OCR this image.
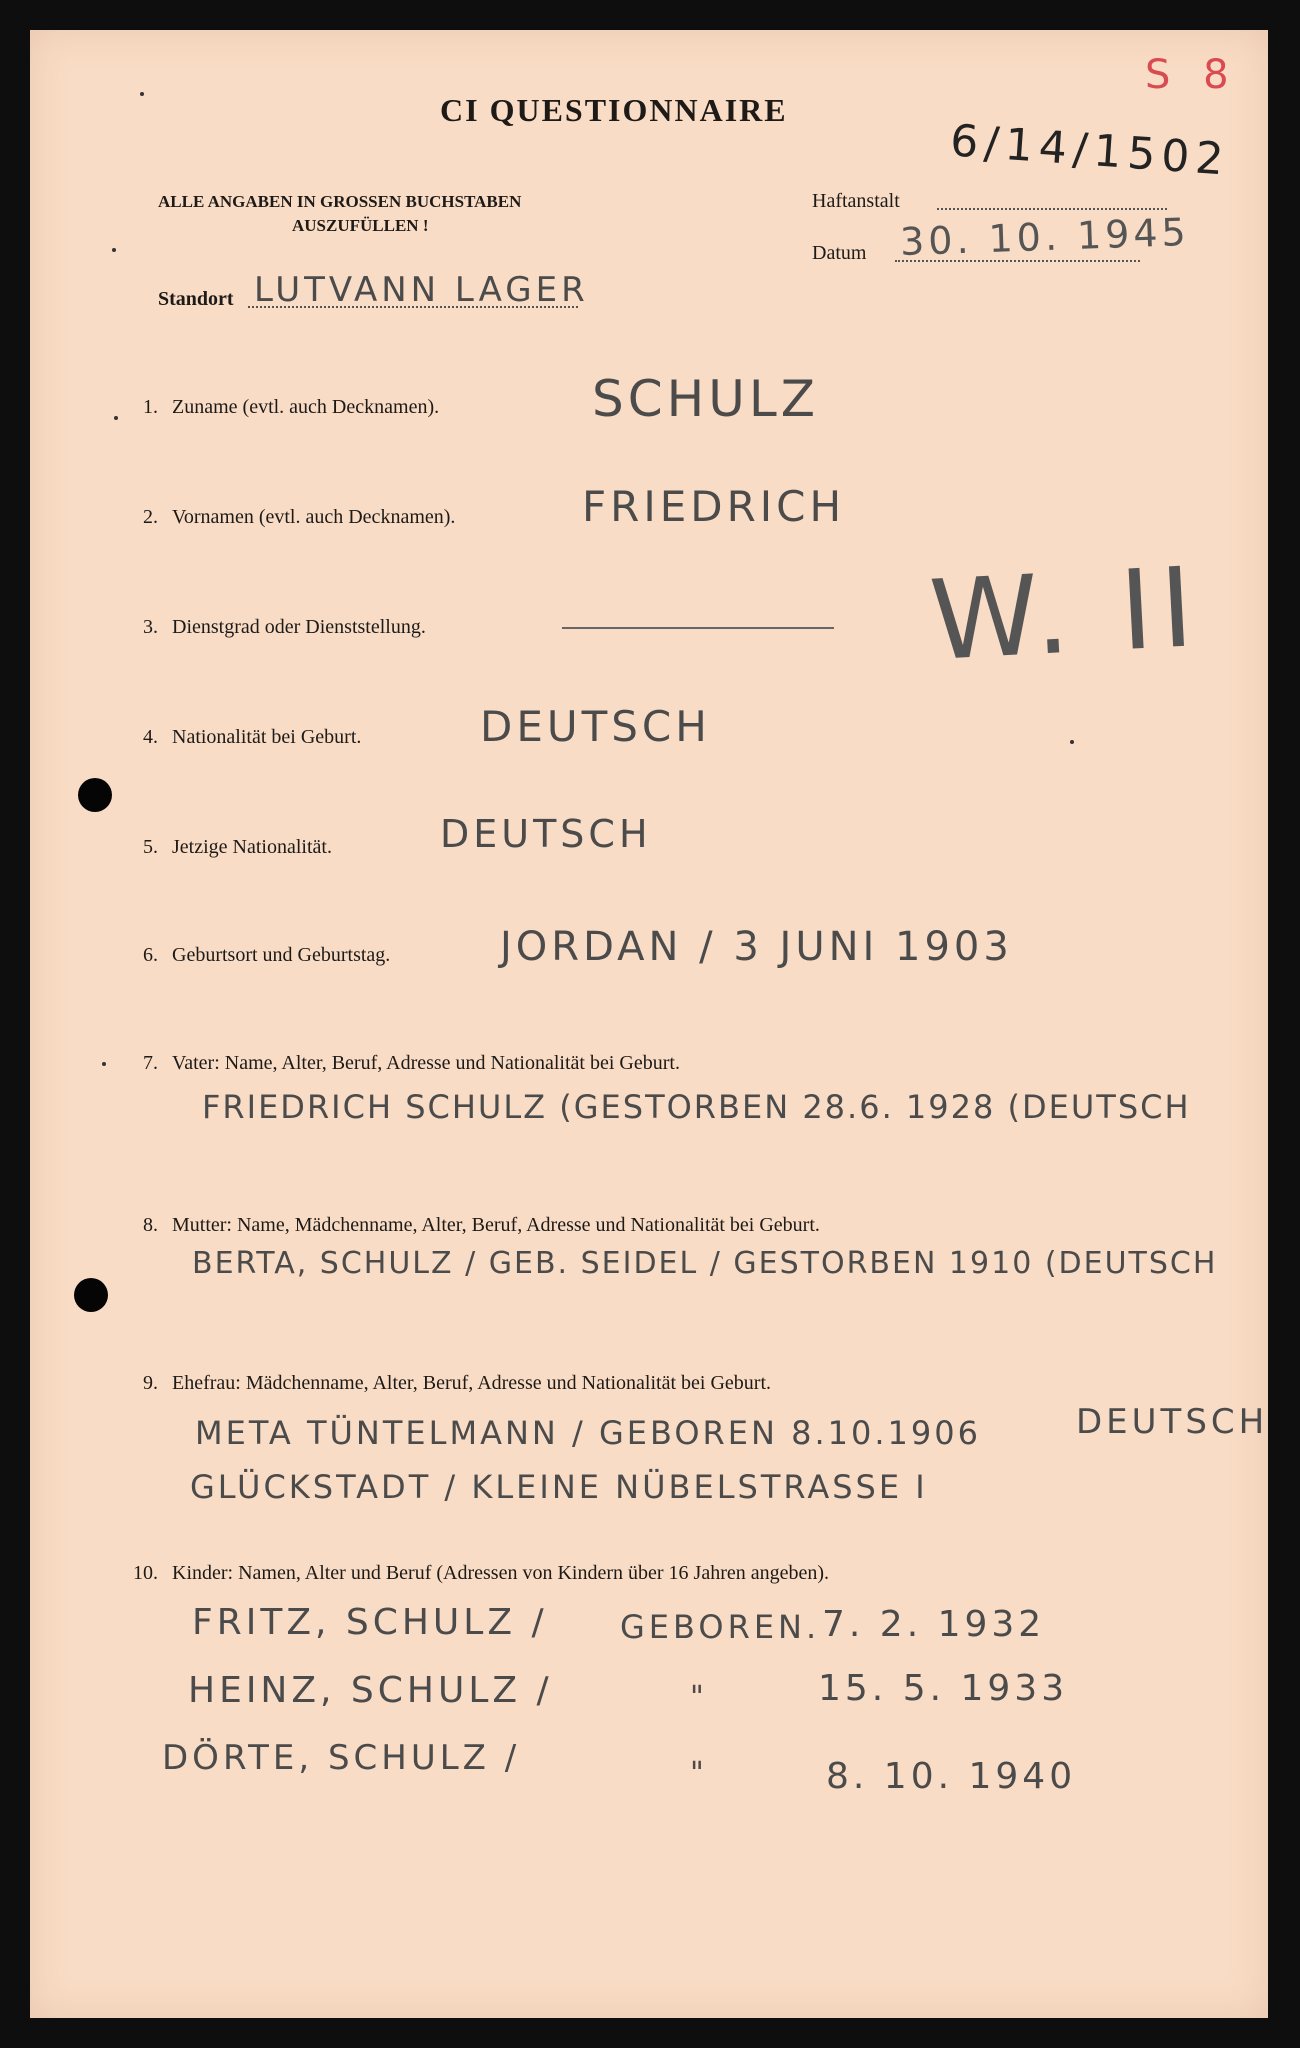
CI QUESTIONNAIRE
6/14/1502
S 8
ALLE ANGABEN IN GROSSEN BUCHSTABEN
AUSZUFÜLLEN !
Haftanstalt
Datum 30. 10. 1945
Standort LUTVANN LAGER
1. Zuname (evtl. auch Decknamen).	SCHULZ
2. Vornamen (evtl. auch Decknamen).	FRIEDRICH
3. Dienstgrad oder Dienststellung.	W. II
4. Nationalität bei Geburt.	DEUTSCH
5. Jetzige Nationalität.	DEUTSCH
6. Geburtsort und Geburtstag.	JORDAN / 3 JUNI 1903
7. Vater: Name, Alter, Beruf, Adresse und Nationalität bei Geburt.
FRIEDRICH SCHULZ (GESTORBEN 28.6. 1928 (DEUTSCH
8. Mutter: Name, Mädchenname, Alter, Beruf, Adresse und Nationalität bei Geburt.
BERTA, SCHULZ / GEB. SEIDEL / GESTORBEN 1910 (DEUTSCH
9. Ehefrau: Mädchenname, Alter, Beruf, Adresse und Nationalität bei Geburt.
META TÜNTELMANN / GEBOREN 8.10.1906	DEUTSCH
GLÜCKSTADT / KLEINE NÜBELSTRASSE I
10. Kinder: Namen, Alter und Beruf (Adressen von Kindern über 16 Jahren angeben).
FRITZ, SCHULZ / GEBOREN. 7. 2. 1932
HEINZ, SCHULZ /	"	15. 5. 1933
DÖRTE, SCHULZ /	"	8. 10. 1940
